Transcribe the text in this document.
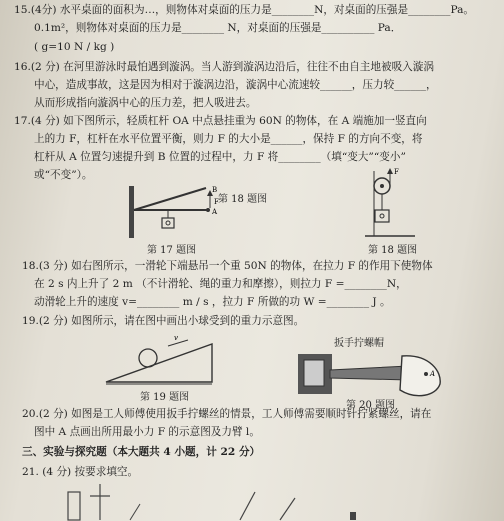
15.(4分) 水平桌面的面积为…，则物体对桌面的压力是________N，对桌面的压强是________Pa。
0.1m²，则物体对桌面的压力是________ N，对桌面的压强是__________ Pa．
( g=10 N / kg )
16.(2 分) 在河里游泳时最怕遇到漩涡。当人游到漩涡边沿后，往往不由自主地被吸入漩涡
中心，造成事故，这是因为相对于漩涡边沿，漩涡中心流速较______，压力较______，
从而形成指向漩涡中心的压力差，把人吸进去。
17.(4 分) 如下图所示，轻质杠杆 OA 中点悬挂重为 60N 的物体，在 A 端施加一竖直向
上的力 F，杠杆在水平位置平衡，则力 F 的大小是______，保持 F 的方向不变，将
杠杆从 A 位置匀速提升到 B 位置的过程中，力 F 将________（填“变大”“变小”
或“不变”）。
A
B
F 第 18 题图
第 17 题图
F
第 18 题图
18.(3 分) 如右图所示，一滑轮下端悬吊一个重 50N 的物体，在拉力 F 的作用下使物体
在 2 s 内上升了 2 m （不计滑轮、绳的重力和摩擦），则拉力 F =________N，
动滑轮上升的速度 v=________ m / s ，拉力 F 所做的功 W =________ J 。
19.(2 分) 如图所示，请在图中画出小球受到的重力示意图。
v
第 19 题图
扳手拧螺帽
A
第 20 题图
20.(2 分) 如图是工人师傅使用扳手拧螺丝的情景，工人师傅需要顺时针拧紧螺丝，请在
图中 A 点画出所用最小力 F 的示意图及力臂 l。
三、实验与探究题（本大题共 4 小题，计 22 分）
21. (4 分) 按要求填空。
